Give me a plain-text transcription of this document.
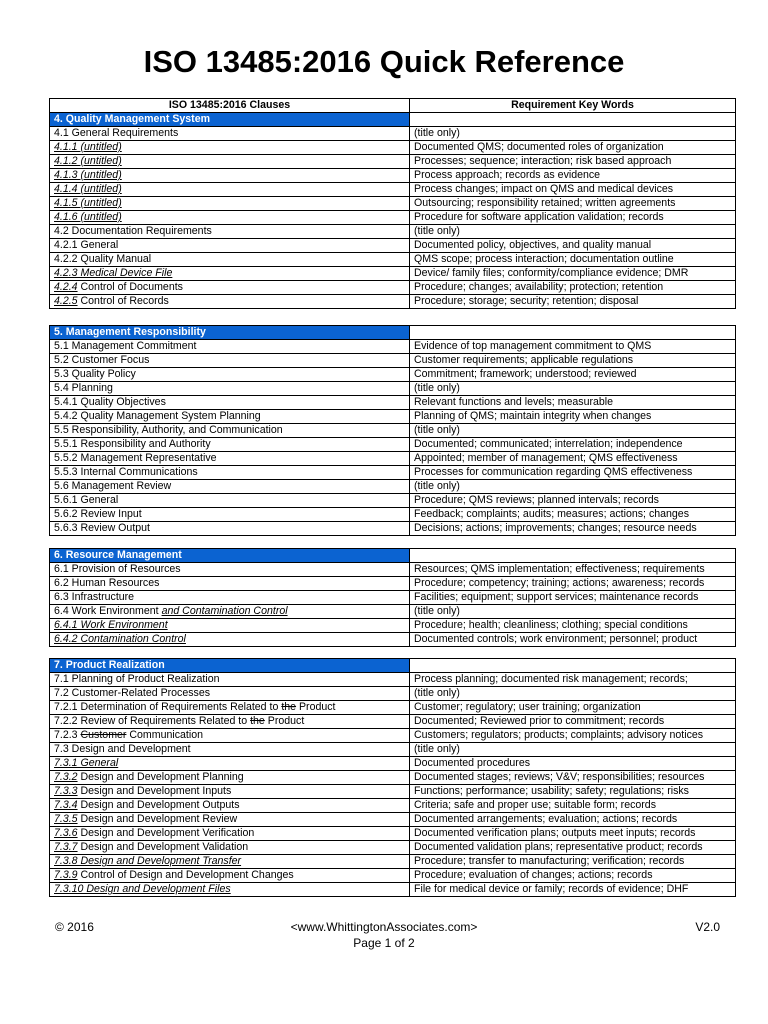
ISO 13485:2016 Quick Reference
ISO 13485:2016 Clauses	Requirement Key Words
4. Quality Management System	
4.1 General Requirements	(title only)
4.1.1 (untitled)	Documented QMS; documented roles of organization
4.1.2 (untitled)	Processes; sequence; interaction; risk based approach
4.1.3 (untitled)	Process approach; records as evidence
4.1.4 (untitled)	Process changes; impact on QMS and medical devices
4.1.5 (untitled)	Outsourcing; responsibility retained; written agreements
4.1.6 (untitled)	Procedure for software application validation; records
4.2 Documentation Requirements	(title only)
4.2.1 General	Documented policy, objectives, and quality manual
4.2.2 Quality Manual	QMS scope; process interaction; documentation outline
4.2.3 Medical Device File	Device/ family files; conformity/compliance evidence; DMR
4.2.4 Control of Documents	Procedure; changes; availability; protection; retention
4.2.5 Control of Records	Procedure; storage; security; retention; disposal
5. Management Responsibility	
5.1 Management Commitment	Evidence of top management commitment to QMS
5.2 Customer Focus	Customer requirements; applicable regulations
5.3 Quality Policy	Commitment; framework; understood; reviewed
5.4 Planning	(title only)
5.4.1 Quality Objectives	Relevant functions and levels; measurable
5.4.2 Quality Management System Planning	Planning of QMS; maintain integrity when changes
5.5 Responsibility, Authority, and Communication	(title only)
5.5.1 Responsibility and Authority	Documented; communicated; interrelation; independence
5.5.2 Management Representative	Appointed; member of management; QMS effectiveness
5.5.3 Internal Communications	Processes for communication regarding QMS effectiveness
5.6 Management Review	(title only)
5.6.1 General	Procedure; QMS reviews; planned intervals; records
5.6.2 Review Input	Feedback; complaints; audits; measures; actions; changes
5.6.3 Review Output	Decisions; actions; improvements; changes; resource needs
6. Resource Management	
6.1 Provision of Resources	Resources; QMS implementation; effectiveness; requirements
6.2 Human Resources	Procedure; competency; training; actions; awareness; records
6.3 Infrastructure	Facilities; equipment; support services; maintenance records
6.4 Work Environment and Contamination Control	(title only)
6.4.1 Work Environment	Procedure; health; cleanliness; clothing; special conditions
6.4.2 Contamination Control	Documented controls; work environment; personnel; product
7. Product Realization	
7.1 Planning of Product Realization	Process planning; documented risk management; records;
7.2 Customer-Related Processes	(title only)
7.2.1 Determination of Requirements Related to the Product	Customer; regulatory; user training; organization
7.2.2 Review of Requirements Related to the Product	Documented; Reviewed prior to commitment; records
7.2.3 Customer Communication	Customers; regulators; products; complaints; advisory notices
7.3 Design and Development	(title only)
7.3.1 General	Documented procedures
7.3.2 Design and Development Planning	Documented stages; reviews; V&V; responsibilities; resources
7.3.3 Design and Development Inputs	Functions; performance; usability; safety; regulations; risks
7.3.4 Design and Development Outputs	Criteria; safe and proper use; suitable form; records
7.3.5 Design and Development Review	Documented arrangements; evaluation; actions; records
7.3.6 Design and Development Verification	Documented verification plans; outputs meet inputs; records
7.3.7 Design and Development Validation	Documented validation plans; representative product; records
7.3.8 Design and Development Transfer	Procedure; transfer to manufacturing; verification; records
7.3.9 Control of Design and Development Changes	Procedure; evaluation of changes; actions; records
7.3.10 Design and Development Files	File for medical device or family; records of evidence; DHF
© 2016	<www.WhittingtonAssociates.com>	V2.0
Page 1 of 2
